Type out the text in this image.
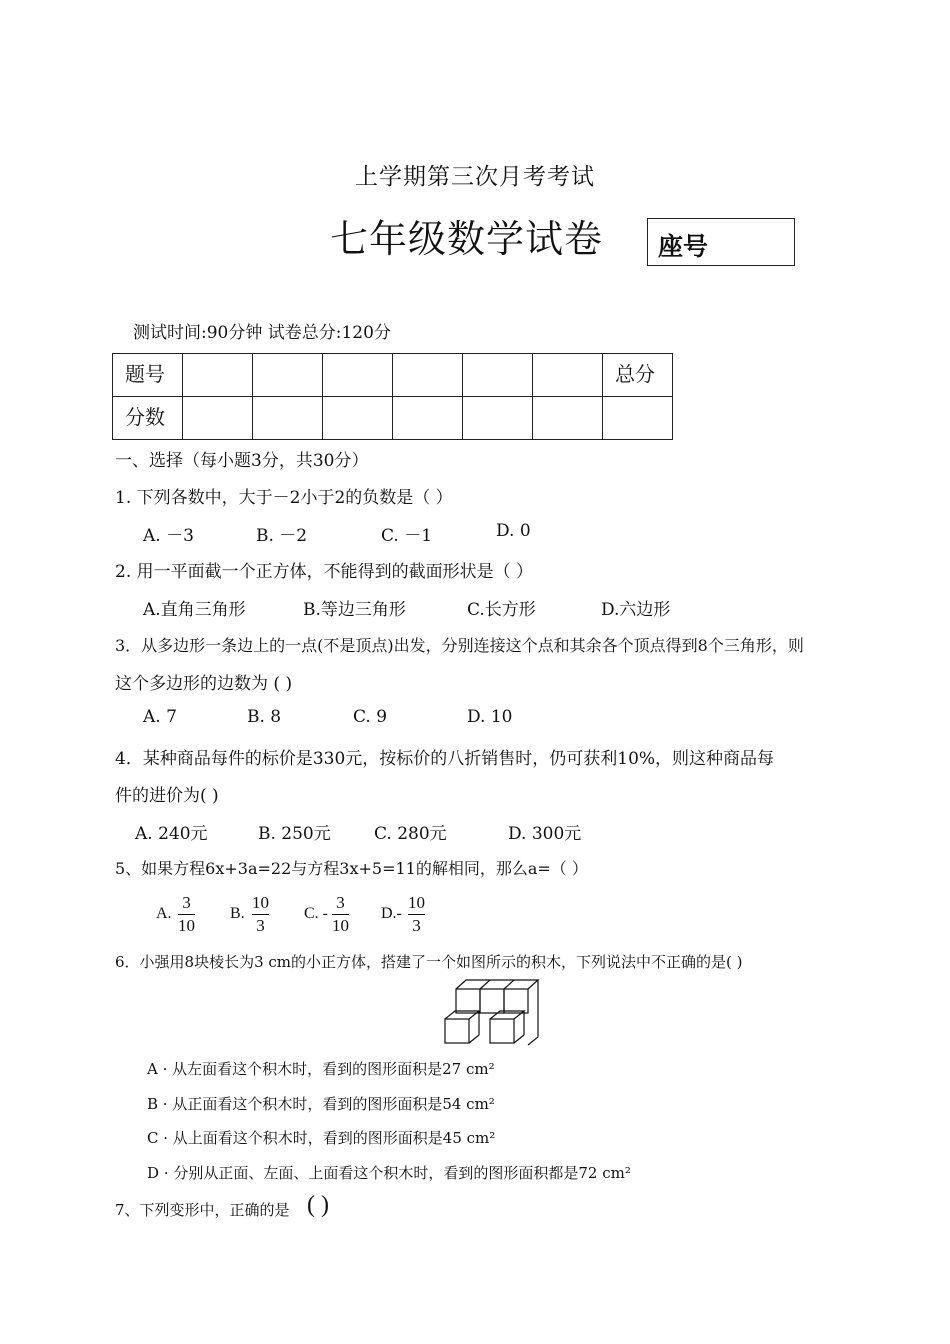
上学期第三次月考考试
七年级数学试卷 座号
测试时间:90分钟 试卷总分:120分
题号							总分
分数							
一、选择（每小题3分，共30分）
1. 下列各数中，大于－2小于2的负数是（ ）
A. －3	B. －2	C. －1	D. 0
2. 用一平面截一个正方体，不能得到的截面形状是（ ）
A.直角三角形	B.等边三角形	C.长方形	D.六边形
3．从多边形一条边上的一点(不是顶点)出发，分别连接这个点和其余各个顶点得到8个三角形，则
这个多边形的边数为 ( )
A. 7	B. 8	C. 9	D. 10
4．某种商品每件的标价是330元，按标价的八折销售时，仍可获利10%，则这种商品每
件的进价为( )
A. 240元	B. 250元	C. 280元	D. 300元
5、如果方程6x+3a=22与方程3x+5=11的解相同，那么a=（ ）
A.
3
10
B.
10
3
C. -
3
10
D.-
10
3
6．小强用8块棱长为3 cm的小正方体，搭建了一个如图所示的积木，下列说法中不正确的是( )
A · 从左面看这个积木时，看到的图形面积是27 cm²
B · 从正面看这个积木时，看到的图形面积是54 cm²
C · 从上面看这个积木时，看到的图形面积是45 cm²
D · 分别从正面、左面、上面看这个积木时，看到的图形面积都是72 cm²
7、下列变形中，正确的是 ( )
